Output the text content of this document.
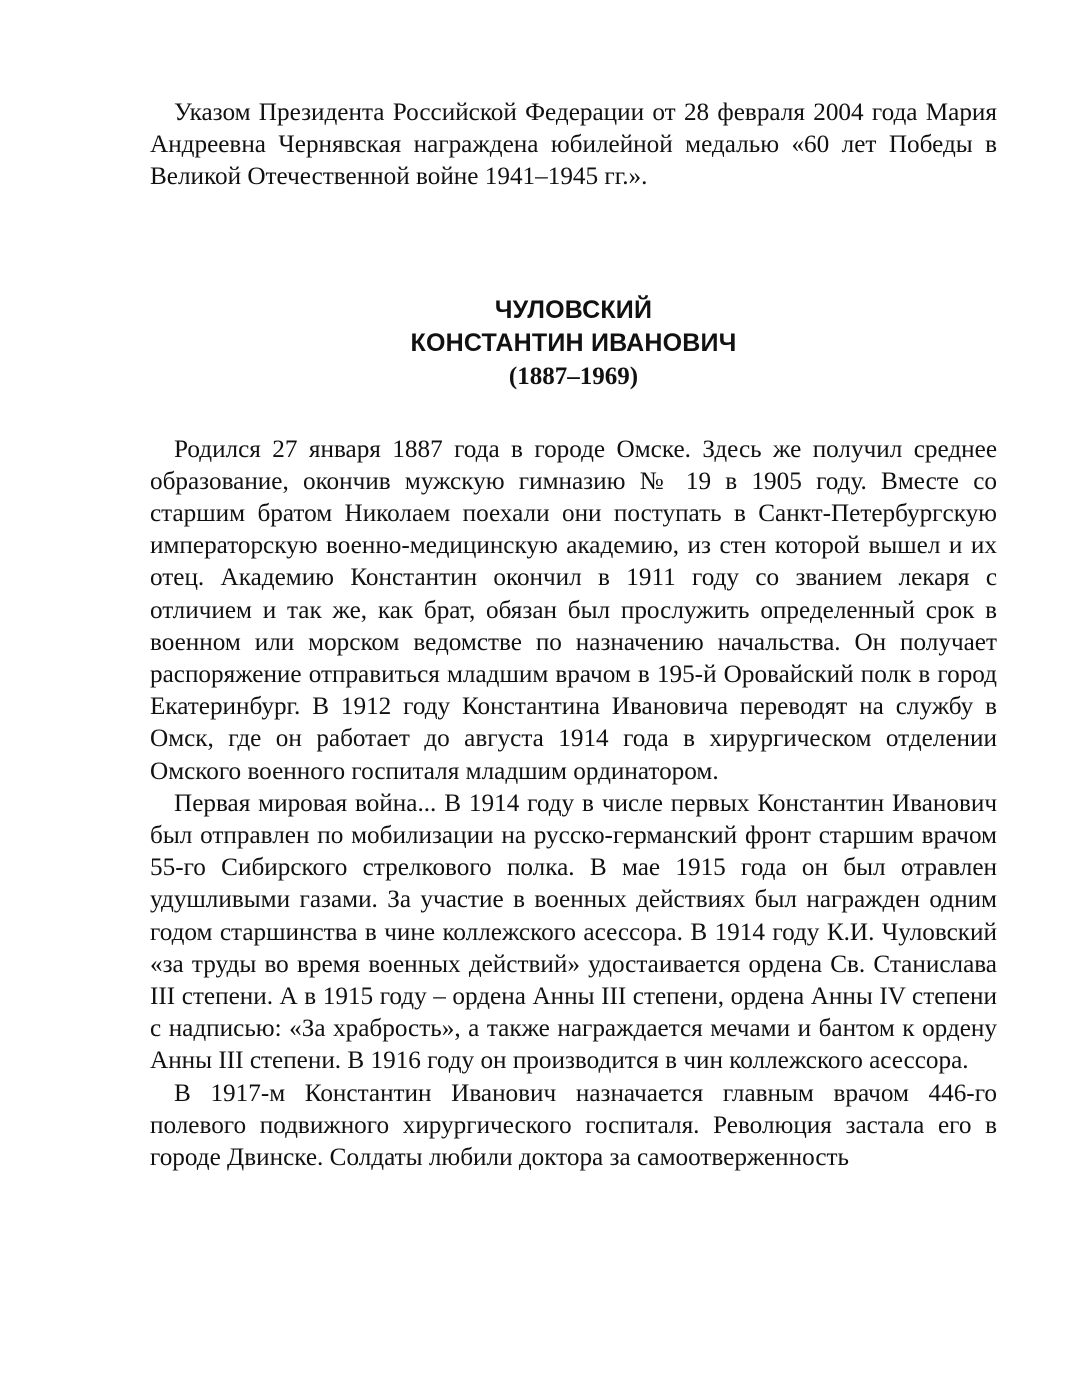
Указом Президента Российской Федерации от 28 февраля 2004 года Мария Андреевна Чернявская награждена юбилейной медалью «60 лет Победы в Великой Отечественной войне 1941–1945 гг.».

ЧУЛОВСКИЙ

КОНСТАНТИН ИВАНОВИЧ

(1887–1969)

Родился 27 января 1887 года в городе Омске. Здесь же получил среднее образование, окончив мужскую гимназию № 19 в 1905 году. Вместе со старшим братом Николаем поехали они поступать в Санкт-Петербургскую императорскую военно-медицинскую академию, из стен которой вышел и их отец. Академию Константин окончил в 1911 году со званием лекаря с отличием и так же, как брат, обязан был прослужить определенный срок в военном или морском ведомстве по назначению начальства. Он получает распоряжение отправиться младшим врачом в 195-й Оровайский полк в город Екатеринбург. В 1912 году Константина Ивановича переводят на службу в Омск, где он работает до августа 1914 года в хирургическом отделении Омского военного госпиталя младшим ординатором.

Первая мировая война... В 1914 году в числе первых Константин Иванович был отправлен по мобилизации на русско-германский фронт старшим врачом 55-го Сибирского стрелкового полка. В мае 1915 года он был отравлен удушливыми газами. За участие в военных действиях был награжден одним годом старшинства в чине коллежского асессора. В 1914 году К.И. Чуловский «за труды во время военных действий» удостаивается ордена Св. Станислава III степени. А в 1915 году – ордена Анны III степени, ордена Анны IV степени с надписью: «За храбрость», а также награждается мечами и бантом к ордену Анны III степени. В 1916 году он производится в чин коллежского асессора.

В 1917-м Константин Иванович назначается главным врачом 446-го полевого подвижного хирургического госпиталя. Революция застала его в городе Двинске. Солдаты любили доктора за самоотверженность
